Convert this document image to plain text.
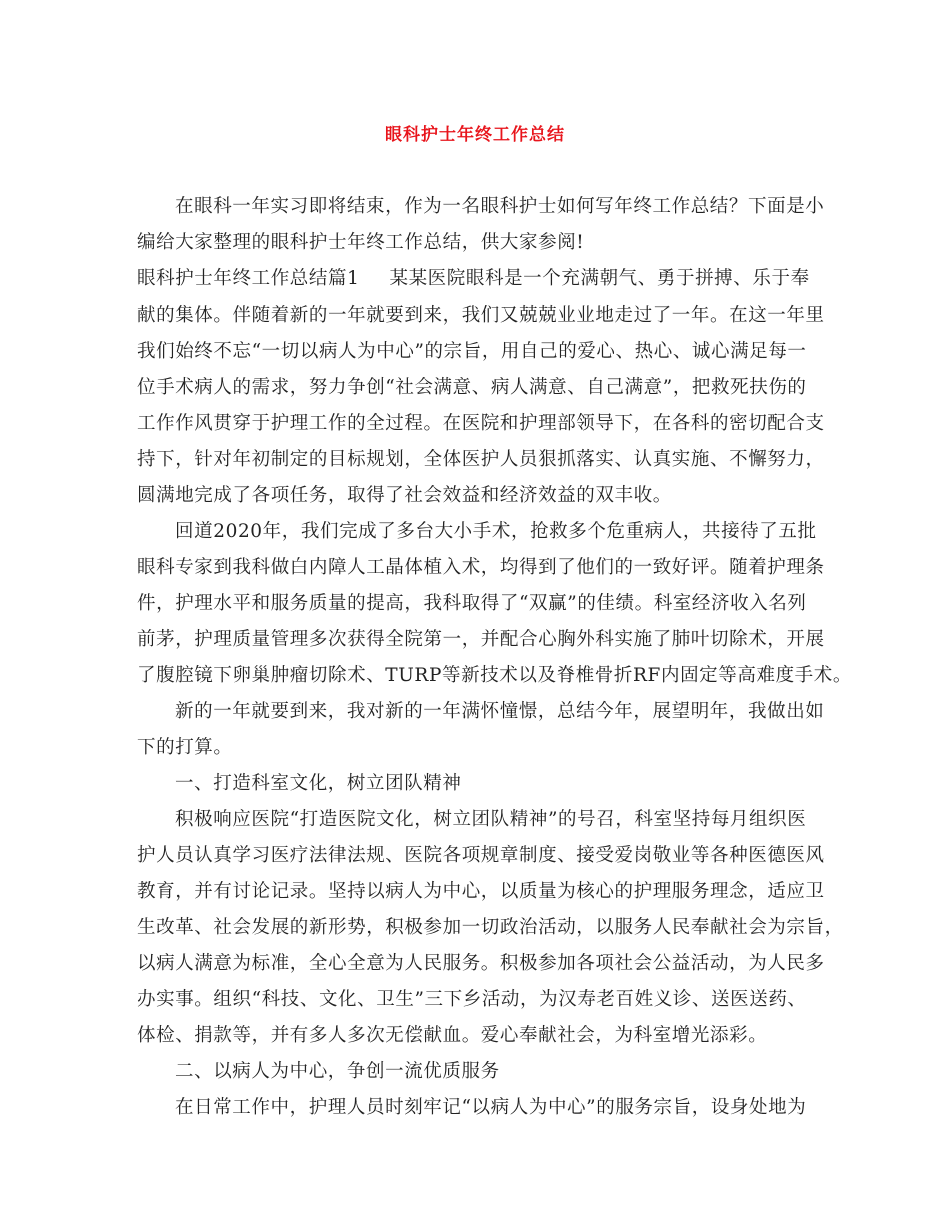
眼科护士年终工作总结
在眼科一年实习即将结束，作为一名眼科护士如何写年终工作总结？下面是小
编给大家整理的眼科护士年终工作总结，供大家参阅!
眼科护士年终工作总结篇1 某某医院眼科是一个充满朝气、勇于拼搏、乐于奉
献的集体。伴随着新的一年就要到来，我们又兢兢业业地走过了一年。在这一年里
我们始终不忘“一切以病人为中心”的宗旨，用自己的爱心、热心、诚心满足每一
位手术病人的需求，努力争创“社会满意、病人满意、自己满意”，把救死扶伤的
工作作风贯穿于护理工作的全过程。在医院和护理部领导下，在各科的密切配合支
持下，针对年初制定的目标规划，全体医护人员狠抓落实、认真实施、不懈努力，
圆满地完成了各项任务，取得了社会效益和经济效益的双丰收。
回道2020年，我们完成了多台大小手术，抢救多个危重病人，共接待了五批
眼科专家到我科做白内障人工晶体植入术，均得到了他们的一致好评。随着护理条
件，护理水平和服务质量的提高，我科取得了“双赢”的佳绩。科室经济收入名列
前茅，护理质量管理多次获得全院第一，并配合心胸外科实施了肺叶切除术，开展
了腹腔镜下卵巢肿瘤切除术、TURP等新技术以及脊椎骨折RF内固定等高难度手术。
新的一年就要到来，我对新的一年满怀憧憬，总结今年，展望明年，我做出如
下的打算。
一、打造科室文化，树立团队精神
积极响应医院“打造医院文化，树立团队精神”的号召，科室坚持每月组织医
护人员认真学习医疗法律法规、医院各项规章制度、接受爱岗敬业等各种医德医风
教育，并有讨论记录。坚持以病人为中心，以质量为核心的护理服务理念，适应卫
生改革、社会发展的新形势，积极参加一切政治活动，以服务人民奉献社会为宗旨，
以病人满意为标准，全心全意为人民服务。积极参加各项社会公益活动，为人民多
办实事。组织“科技、文化、卫生”三下乡活动，为汉寿老百姓义诊、送医送药、
体检、捐款等，并有多人多次无偿献血。爱心奉献社会，为科室增光添彩。
二、以病人为中心，争创一流优质服务
在日常工作中，护理人员时刻牢记“以病人为中心”的服务宗旨，设身处地为
